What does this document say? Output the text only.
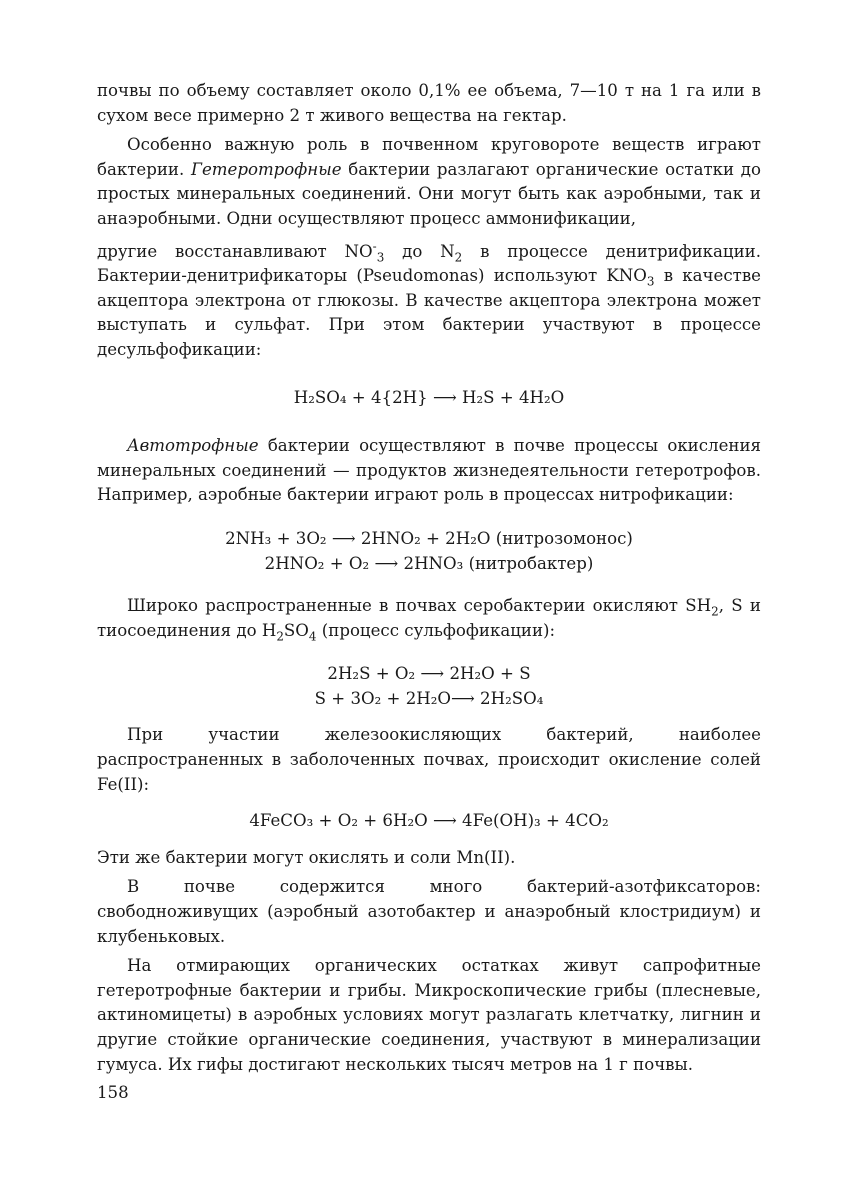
почвы по объему составляет около 0,1% ее объема, 7—10 т на 1 га или в сухом весе примерно 2 т живого вещества на гектар.

Особенно важную роль в почвенном круговороте веществ играют бактерии. Гетеротрофные бактерии разлагают органические остатки до простых минеральных соединений. Они могут быть как аэробными, так и анаэробными. Одни осуществляют процесс аммонификации,

другие восстанавливают $NO^-_3$ до $N_2$ в процессе денитрификации. Бактерии-денитрификаторы (Pseudomonas) используют $KNO_3$ в качестве акцептора электрона от глюкозы. В качестве акцептора электрона может выступать и сульфат. При этом бактерии участвуют в процессе десульфофикации:

H₂SO₄ + 4{2H} ⟶ H₂S + 4H₂O

Автотрофные бактерии осуществляют в почве процессы окисления минеральных соединений — продуктов жизнедеятельности гетеротрофов. Например, аэробные бактерии играют роль в процессах нитрофикации:

2NH₃ + 3O₂ ⟶ 2HNO₂ + 2H₂O (нитрозомонос)

2HNO₂ + O₂ ⟶ 2HNO₃ (нитробактер)

Широко распространенные в почвах серобактерии окисляют $SH_2$, S и тиосоединения до $H_2SO_4$ (процесс сульфофикации):

2H₂S + O₂ ⟶ 2H₂O + S

S + 3O₂ + 2H₂O⟶ 2H₂SO₄

При участии железоокисляющих бактерий, наиболее распространенных в заболоченных почвах, происходит окисление солей Fe(II):

4FeCO₃ + O₂ + 6H₂O ⟶ 4Fe(OH)₃ + 4CO₂

Эти же бактерии могут окислять и соли Mn(II).

В почве содержится много бактерий-азотфиксаторов: свободноживущих (аэробный азотобактер и анаэробный клостридиум) и клубеньковых.

На отмирающих органических остатках живут сапрофитные гетеротрофные бактерии и грибы. Микроскопические грибы (плесневые, актиномицеты) в аэробных условиях могут разлагать клетчатку, лигнин и другие стойкие органические соединения, участвуют в минерализации гумуса. Их гифы достигают нескольких тысяч метров на 1 г почвы.

158
